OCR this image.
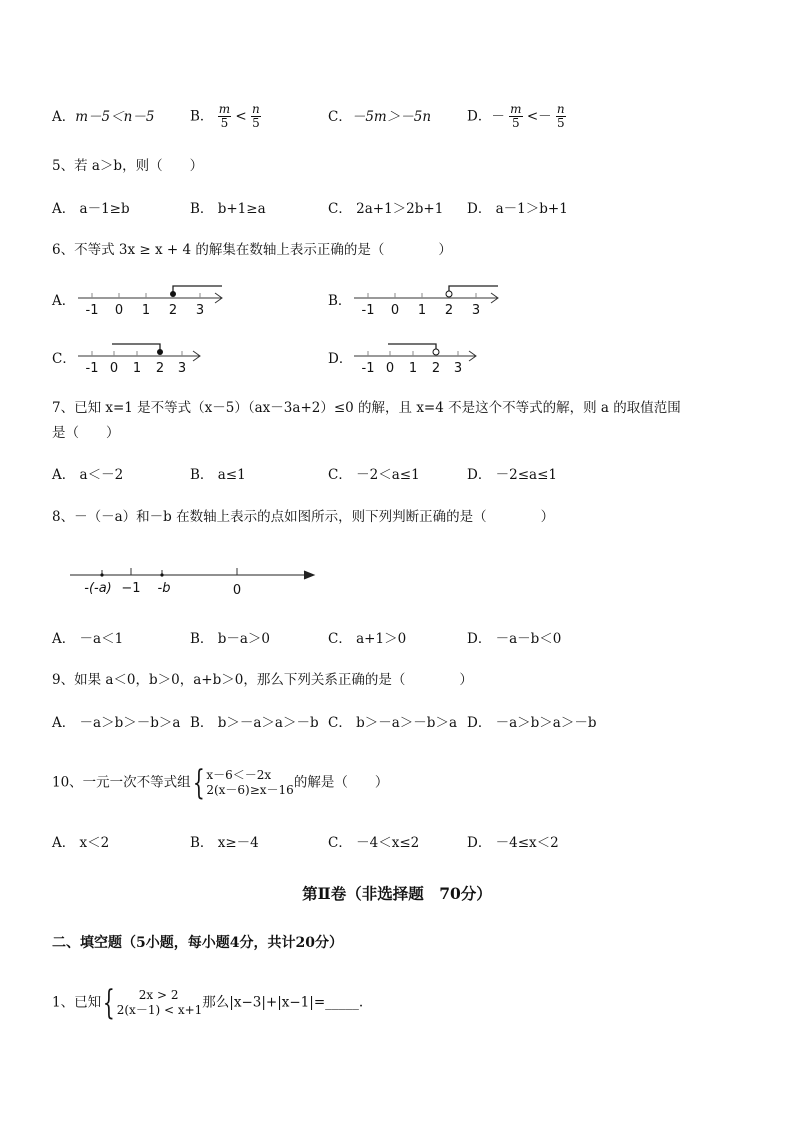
A．m－5＜n－5	B． $\frac{m}{5} < \frac{n}{5}$	C．－5m＞－5n	D．－ $\frac{m}{5} <- \frac{n}{5}$
5、若 a＞b，则（　　）
A． a－1≥b	B． b+1≥a	C． 2a+1＞2b+1 D． a－1＞b+1
6、不等式 3x ≥ x + 4 的解集在数轴上表示正确的是（　　　　）
A．
-1 0 1 2 3
B．
-1 0 1 2 3
C．
-1 0 1 2 3
D．
-1 0 1 2 3
7、已知 x=1 是不等式（x－5）（ax－3a+2）≤0 的解，且 x=4 不是这个不等式的解，则 a 的取值范围
是（　　）
A． a＜－2	B． a≤1	C． －2＜a≤1	D． －2≤a≤1
8、－（－a）和－b 在数轴上表示的点如图所示，则下列判断正确的是（　　　　）
-(-a) −1 -b	0
A． －a＜1	B． b－a＞0	C． a+1＞0	D． －a－b＜0
9、如果 a＜0，b＞0，a+b＞0，那么下列关系正确的是（　　　　）
A． －a＞b＞－b＞a B． b＞－a＞a＞－b C． b＞－a＞－b＞a D． －a＞b＞a＞－b
10、一元一次不等式组{ x－6＜－2x
2(x－6)≥x－16 的解是（　　）
A． x＜2	B． x≥－4	C． －4＜x≤2	D． －4≤x＜2
第Ⅱ卷（非选择题　70分）
二、填空题（5小题，每小题4分，共计20分）
1、已知{	2x > 2
2(x－1) < x+1 那么|x−3|+|x−1|=_____.
